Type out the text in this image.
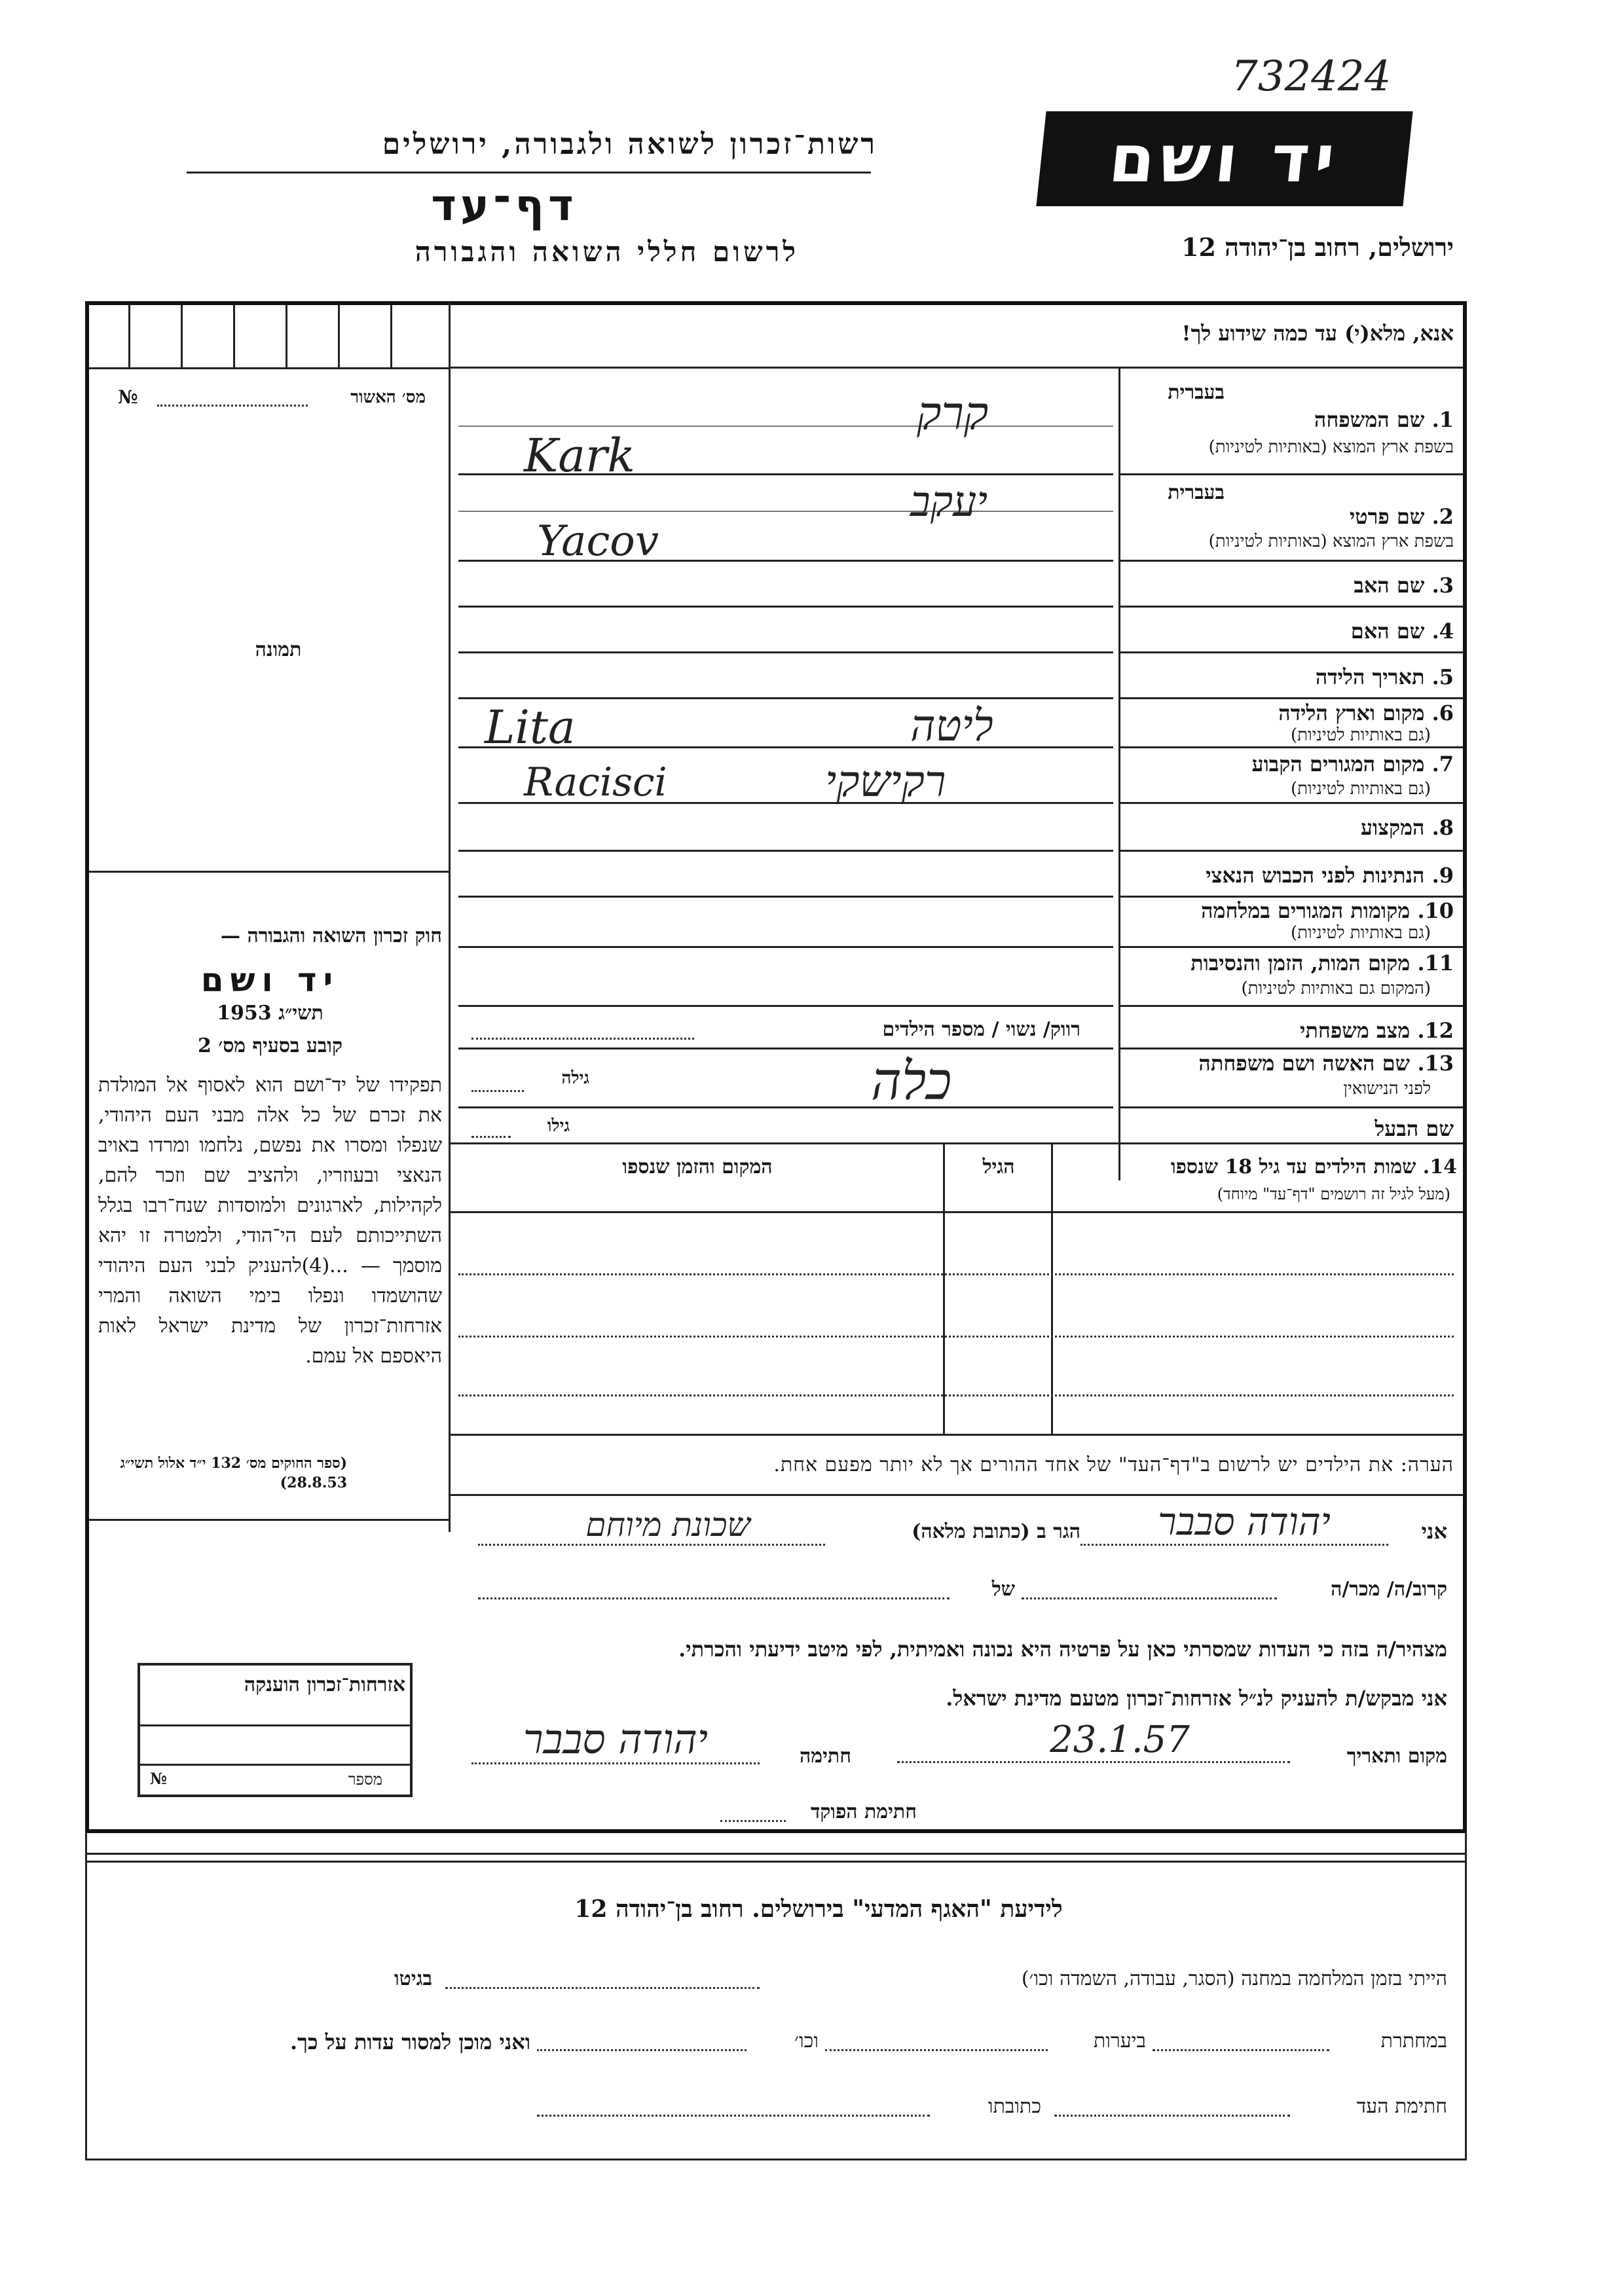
732424
יד ושם
ירושלים, רחוב בן־יהודה 12
רשות־זכרון לשואה ולגבורה, ירושלים
דף־עד
לרשום חללי השואה והגבורה
אנא, מלא(י) עד כמה שידוע לך!
מס׳ האשור
№
תמונה
חוק זכרון השואה והגבורה —
יד ושם
תשי״ג 1953
קובע בסעיף מס׳ 2
תפקידו של יד־ושם הוא לאסוף אל המולדת את זכרם של כל אלה מבני העם היהודי, שנפלו ומסרו את נפשם, נלחמו ומרדו באויב הנאצי ובעוזריו, ולהציב שם וזכר להם, לקהילות, לארגונים ולמוסדות שנח־רבו בגלל השתייכותם לעם הי־הודי, ולמטרה זו יהא מוסמך — ...(4)להעניק לבני העם היהודי שהושמדו ונפלו בימי השואה והמרי אזרחות־זכרון של מדינת ישראל לאות היאספם אל עמם.
(ספר החוקים מס׳ 132 י״ד אלול תשי״ג 28.8.53)
אזרחות־זכרון הוענקה
מספר
№
בעברית
1. שם המשפחה
בשפת ארץ המוצא (באותיות לטיניות)
קרק
Kark
בעברית
2. שם פרטי
בשפת ארץ המוצא (באותיות לטיניות)
יעקב
Yacov
3. שם האב
4. שם האם
5. תאריך הלידה
6. מקום וארץ הלידה
(גם באותיות לטיניות)
ליטה
Lita
7. מקום המגורים הקבוע
(גם באותיות לטיניות)
רקישקי
Racisci
8. המקצוע
9. הנתינות לפני הכבוש הנאצי
10. מקומות המגורים במלחמה
(גם באותיות לטיניות)
11. מקום המות, הזמן והנסיבות
(המקום גם באותיות לטיניות)
12. מצב משפחתי
רווק/ נשוי / מספר הילדים
13. שם האשה ושם משפחתה
לפני הנישואין
כלה
גילה
שם הבעל
גילו
14. שמות הילדים עד גיל 18 שנספו
(מעל לגיל זה רושמים "דף־עד" מיוחד)
הגיל
המקום והזמן שנספו
הערה: את הילדים יש לרשום ב"דף־העד" של אחד ההורים אך לא יותר מפעם אחת.
אני
יהודה סבבר
הגר ב (כתובת מלאה)
שכונת מיוחם
קרוב/ה/ מכר/ה
של
מצהיר/ה בזה כי העדות שמסרתי כאן על פרטיה היא נכונה ואמיתית, לפי מיטב ידיעתי והכרתי.
אני מבקש/ת להעניק לנ״ל אזרחות־זכרון מטעם מדינת ישראל.
מקום ותאריך
23.1.57
חתימה
יהודה סבבר
חתימת הפוקד
לידיעת "האגף המדעי" בירושלים. רחוב בן־יהודה 12
הייתי בזמן המלחמה במחנה (הסגר, עבודה, השמדה וכו׳)
בגיטו
במחתרת
ביערות
וכו׳
ואני מוכן למסור עדות על כך.
חתימת העד
כתובתו
